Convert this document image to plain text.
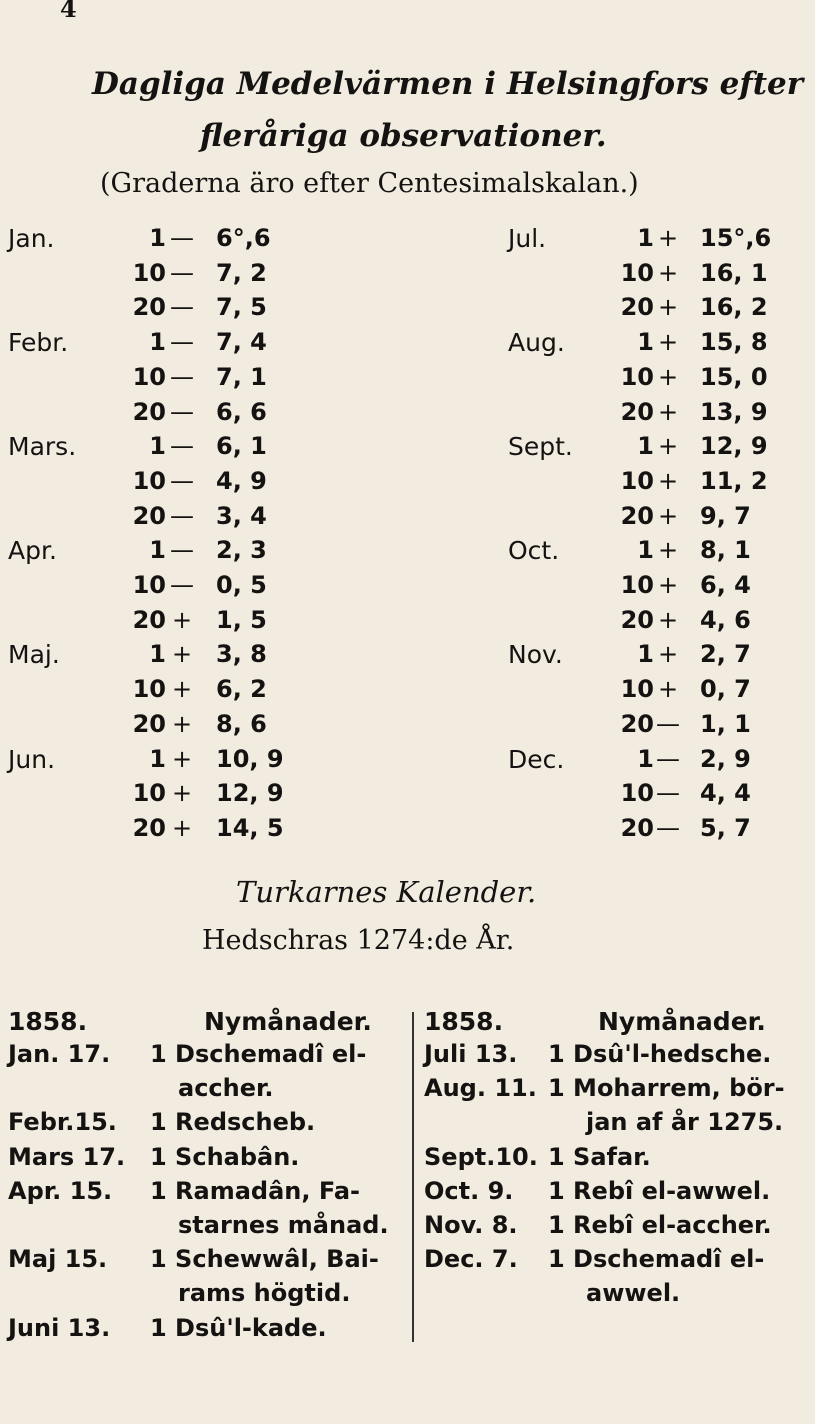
4
Dagliga Medelvärmen i Helsingfors efter
fleråriga observationer.
(Graderna äro efter Centesimalskalan.)
Jan.	1 — 6°,6
10 — 7, 2
20 — 7, 5
Febr.	1 — 7, 4
10 — 7, 1
20 — 6, 6
Mars.	1 — 6, 1
10 — 4, 9
20 — 3, 4
Apr.	1 — 2, 3
10 — 0, 5
20 + 1, 5
Maj.	1 + 3, 8
10 + 6, 2
20 + 8, 6
Jun.	1 + 10, 9
10 + 12, 9
20 + 14, 5
Jul.	1 + 15°,6
10 + 16, 1
20 + 16, 2
Aug.	1 + 15, 8
10 + 15, 0
20 + 13, 9
Sept.	1 + 12, 9
10 + 11, 2
20 + 9, 7
Oct.	1 + 8, 1
10 + 6, 4
20 + 4, 6
Nov.	1 + 2, 7
10 + 0, 7
20 — 1, 1
Dec.	1 — 2, 9
10 — 4, 4
20 — 5, 7
Turkarnes Kalender.
Hedschras 1274:de År.
1858.	Nymånader.
Jan. 17. 1 Dschemadî el-
accher.
Febr.15. 1 Redscheb.
Mars 17. 1 Schabân.
Apr. 15. 1 Ramadân, Fa-
starnes månad.
Maj 15. 1 Schewwâl, Bai-
rams högtid.
Juni 13. 1 Dsû'l-kade.
1858.	Nymånader.
Juli 13. 1 Dsû'l-hedsche.
Aug. 11. 1 Moharrem, bör-
jan af år 1275.
Sept.10. 1 Safar.
Oct. 9. 1 Rebî el-awwel.
Nov. 8. 1 Rebî el-accher.
Dec. 7. 1 Dschemadî el-
awwel.
